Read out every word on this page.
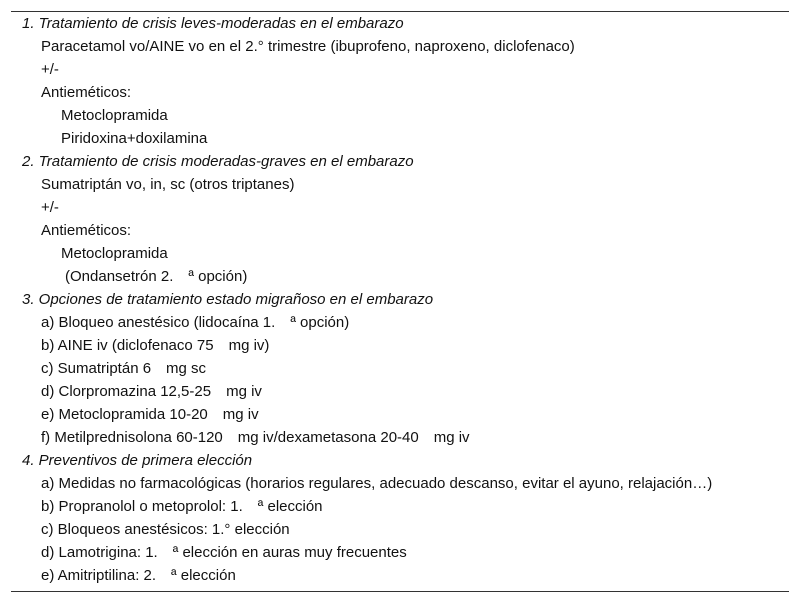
1. Tratamiento de crisis leves-moderadas en el embarazo
Paracetamol vo/AINE vo en el 2.° trimestre (ibuprofeno, naproxeno, diclofenaco)
+/-
Antieméticos:
Metoclopramida
Piridoxina+doxilamina
2. Tratamiento de crisis moderadas-graves en el embarazo
Sumatriptán vo, in, sc (otros triptanes)
+/-
Antieméticos:
Metoclopramida
(Ondansetrón 2. ª opción)
3. Opciones de tratamiento estado migrañoso en el embarazo
a) Bloqueo anestésico (lidocaína 1. ª opción)
b) AINE iv (diclofenaco 75 mg iv)
c) Sumatriptán 6 mg sc
d) Clorpromazina 12,5-25 mg iv
e) Metoclopramida 10-20 mg iv
f) Metilprednisolona 60-120 mg iv/dexametasona 20-40 mg iv
4. Preventivos de primera elección
a) Medidas no farmacológicas (horarios regulares, adecuado descanso, evitar el ayuno, relajación…)
b) Propranolol o metoprolol: 1. ª elección
c) Bloqueos anestésicos: 1.° elección
d) Lamotrigina: 1. ª elección en auras muy frecuentes
e) Amitriptilina: 2. ª elección
